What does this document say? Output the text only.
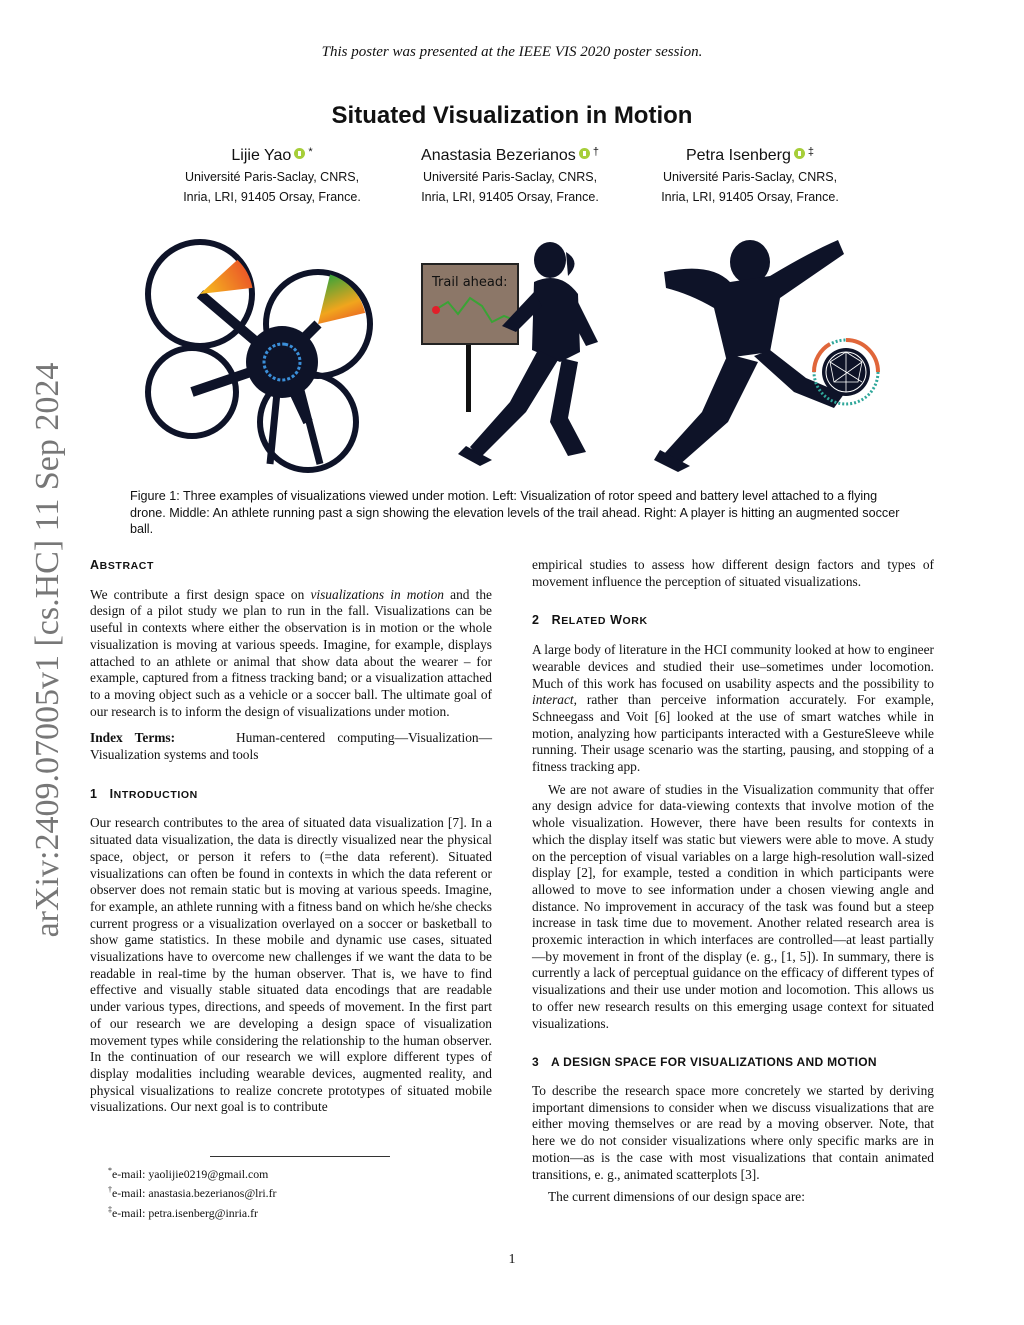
This poster was presented at the IEEE VIS 2020 poster session.
Situated Visualization in Motion
Lijie Yao *
Université Paris-Saclay, CNRS,
Inria, LRI, 91405 Orsay, France.
Anastasia Bezerianos †
Université Paris-Saclay, CNRS,
Inria, LRI, 91405 Orsay, France.
Petra Isenberg ‡
Université Paris-Saclay, CNRS,
Inria, LRI, 91405 Orsay, France.
arXiv:2409.07005v1 [cs.HC] 11 Sep 2024
Trail ahead:
Figure 1: Three examples of visualizations viewed under motion. Left: Visualization of rotor speed and battery level attached to a flying drone. Middle: An athlete running past a sign showing the elevation levels of the trail ahead. Right: A player is hitting an augmented soccer ball.
ABSTRACT

We contribute a first design space on visualizations in motion and the design of a pilot study we plan to run in the fall. Visualizations can be useful in contexts where either the observation is in motion or the whole visualization is moving at various speeds. Imagine, for example, displays attached to an athlete or animal that show data about the wearer – for example, captured from a fitness tracking band; or a visualization attached to a moving object such as a vehicle or a soccer ball. The ultimate goal of our research is to inform the design of visualizations under motion.

Index Terms:	Human-centered computing—Visualization—Visualization systems and tools

1 INTRODUCTION

Our research contributes to the area of situated data visualization [7]. In a situated data visualization, the data is directly visualized near the physical space, object, or person it refers to (=the data referent). Situated visualizations can often be found in contexts in which the data referent or observer does not remain static but is moving at various speeds. Imagine, for example, an athlete running with a fitness band on which he/she checks current progress or a visualization overlayed on a soccer or basketball to show game statistics. In these mobile and dynamic use cases, situated visualizations have to overcome new challenges if we want the data to be readable in real-time by the human observer. That is, we have to find effective and visually stable situated data encodings that are readable under various types, directions, and speeds of movement. In the first part of our research we are developing a design space of visualization movement types while considering the relationship to the human observer. In the continuation of our research we will explore different types of display modalities including wearable devices, augmented reality, and physical visualizations to realize concrete prototypes of situated mobile visualizations. Our next goal is to contribute

*e-mail: yaolijie0219@gmail.com
†e-mail: anastasia.bezerianos@lri.fr
‡e-mail: petra.isenberg@inria.fr

empirical studies to assess how different design factors and types of movement influence the perception of situated visualizations.

2 RELATED WORK

A large body of literature in the HCI community looked at how to engineer wearable devices and studied their use–sometimes under locomotion. Much of this work has focused on usability aspects and the possibility to interact, rather than perceive information accurately. For example, Schneegass and Voit [6] looked at the use of smart watches while in motion, analyzing how participants interacted with a GestureSleeve while running. Their usage scenario was the starting, pausing, and stopping of a fitness tracking app.

We are not aware of studies in the Visualization community that offer any design advice for data-viewing contexts that involve motion of the whole visualization. However, there have been results for contexts in which the display itself was static but viewers were able to move. A study on the perception of visual variables on a large high-resolution wall-sized display [2], for example, tested a condition in which participants were allowed to move to see information under a chosen viewing angle and distance. No improvement in accuracy of the task was found but a steep increase in task time due to movement. Another related research area is proxemic interaction in which interfaces are controlled—at least partially—by movement in front of the display (e. g., [1, 5]). In summary, there is currently a lack of perceptual guidance on the efficacy of different types of visualizations and their use under motion and locomotion. This allows us to offer new research results on this emerging usage context for situated visualizations.

3 A DESIGN SPACE FOR VISUALIZATIONS AND MOTION

To describe the research space more concretely we started by deriving important dimensions to consider when we discuss visualizations that are either moving themselves or are read by a moving observer. Note, that here we do not consider visualizations where only specific marks are in motion—as is the case with most visualizations that contain animated transitions, e. g., animated scatterplots [3].

The current dimensions of our design space are:

1
